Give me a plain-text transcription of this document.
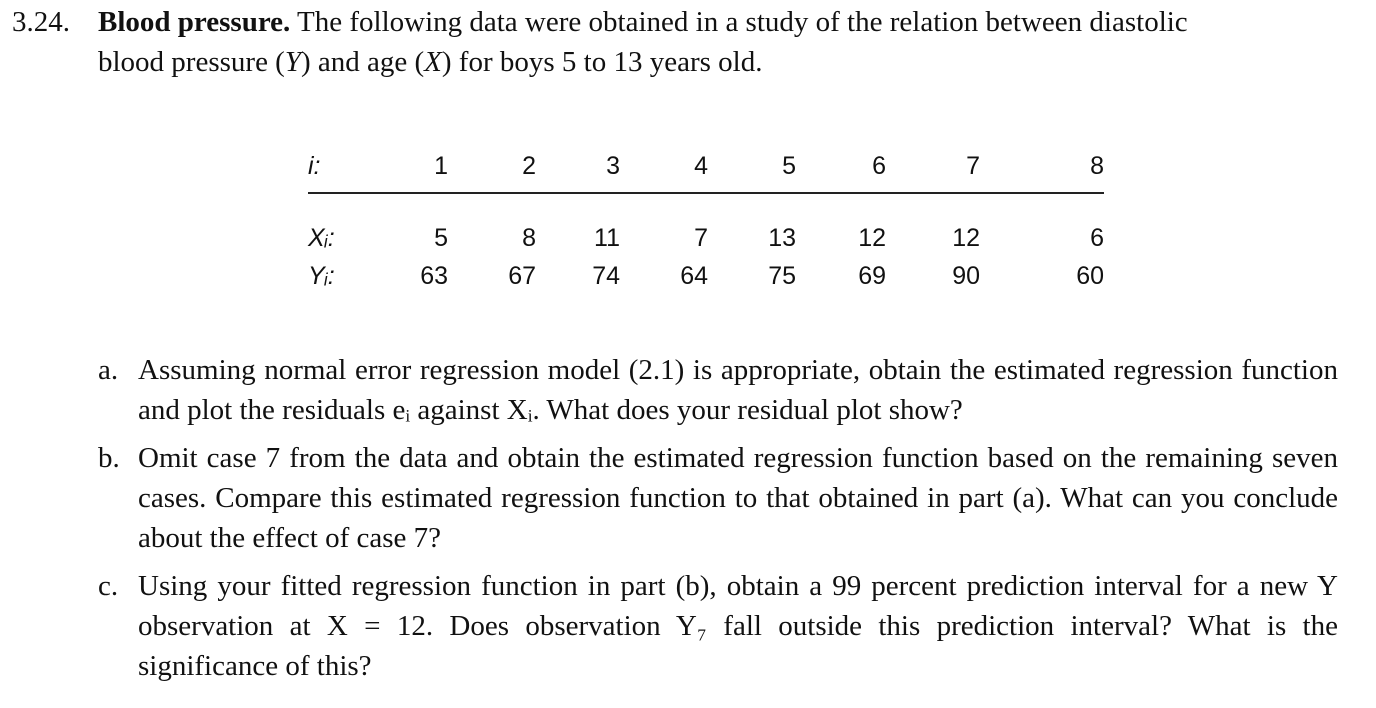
3.24. Blood pressure. The following data were obtained in a study of the relation between diastolic
blood pressure (Y) and age (X) for boys 5 to 13 years old.
i:	1	2	3	4	5	6	7	8
Xᵢ:	5	8	11	7	13	12	12	6
Yᵢ:	63	67	74	64	75	69	90	60
a. Assuming normal error regression model (2.1) is appropriate, obtain the estimated regression function and plot the residuals eᵢ against Xᵢ. What does your residual plot show?
b. Omit case 7 from the data and obtain the estimated regression function based on the remaining seven cases. Compare this estimated regression function to that obtained in part (a). What can you conclude about the effect of case 7?
c. Using your fitted regression function in part (b), obtain a 99 percent prediction interval for a new Y observation at X = 12. Does observation Y₇ fall outside this prediction interval? What is the significance of this?
